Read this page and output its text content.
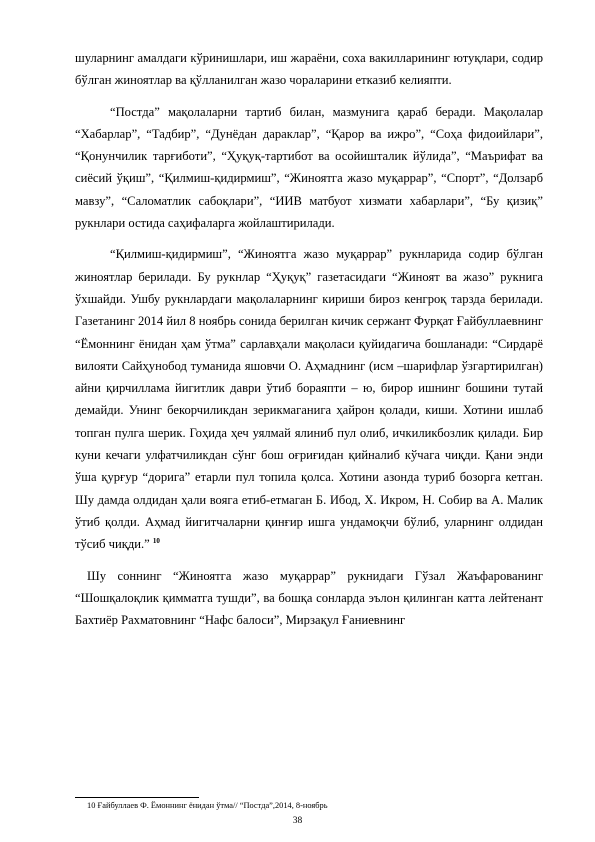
шуларнинг амалдаги кўринишлари, иш жараёни, соха вакилларининг ютуқлари, содир бўлган жиноятлар ва қўлланилган жазо чораларини етказиб келияпти.

“Постда” мақолаларни тартиб билан, мазмунига қараб беради. Мақолалар “Хабарлар”, “Тадбир”, “Дунёдан дараклар”, “Қарор ва ижро”, “Соҳа фидоийлари”, “Қонунчилик тарғиботи”, “Ҳуқуқ-тартибот ва осойишталик йўлида”, “Маърифат ва сиёсий ўқиш”, “Қилмиш-қидирмиш”, “Жиноятга жазо муқаррар”, “Спорт”, “Долзарб мавзу”, “Саломатлик сабоқлари”, “ИИВ матбуот хизмати хабарлари”, “Бу қизиқ” рукнлари остида саҳифаларга жойлаштирилади.

“Қилмиш-қидирмиш”, “Жиноятга жазо муқаррар” рукнларида содир бўлган жиноятлар берилади. Бу рукнлар “Ҳуқуқ” газетасидаги “Жиноят ва жазо” рукнига ўхшайди. Ушбу рукнлардаги мақолаларнинг кириши бироз кенгроқ тарзда берилади. Газетанинг 2014 йил 8 ноябрь сонида берилган кичик сержант Фурқат Ғайбуллаевнинг “Ёмоннинг ёнидан ҳам ўтма” сарлавҳали мақоласи қуйидагича бошланади: “Сирдарё вилояти Сайҳунобод туманида яшовчи О. Аҳмаднинг (исм –шарифлар ўзгартирилган) айни қирчиллама йигитлик даври ўтиб бораяпти – ю, бирор ишнинг бошини тутай демайди. Унинг бекорчиликдан зерикмаганига ҳайрон қолади, киши. Хотини ишлаб топган пулга шерик. Гоҳида ҳеч уялмай ялиниб пул олиб, ичкиликбозлик қилади. Бир куни кечаги улфатчиликдан сўнг бош оғриғидан қийналиб кўчага чиқди. Қани энди ўша қурғур “дорига” етарли пул топила қолса. Хотини азонда туриб бозорга кетган. Шу дамда олдидан ҳали вояга етиб-етмаган Б. Ибод, Х. Икром, Н. Собир ва А. Малик ўтиб қолди. Аҳмад йигитчаларни қинғир ишга ундамоқчи бўлиб, уларнинг олдидан тўсиб чиқди.” $^{10}$

Шу соннинг “Жиноятга жазо муқаррар” рукнидаги Гўзал Жаъфарованинг “Шошқалоқлик қимматга тушди”, ва бошқа сонларда эълон қилинган катта лейтенант Бахтиёр Рахматовнинг “Нафс балоси”, Мирзақул Ғаниевнинг

10 Ғайбуллаев Ф. Ёмоннинг ёнидан ўтма// “Постда”,2014, 8-ноябрь
38
